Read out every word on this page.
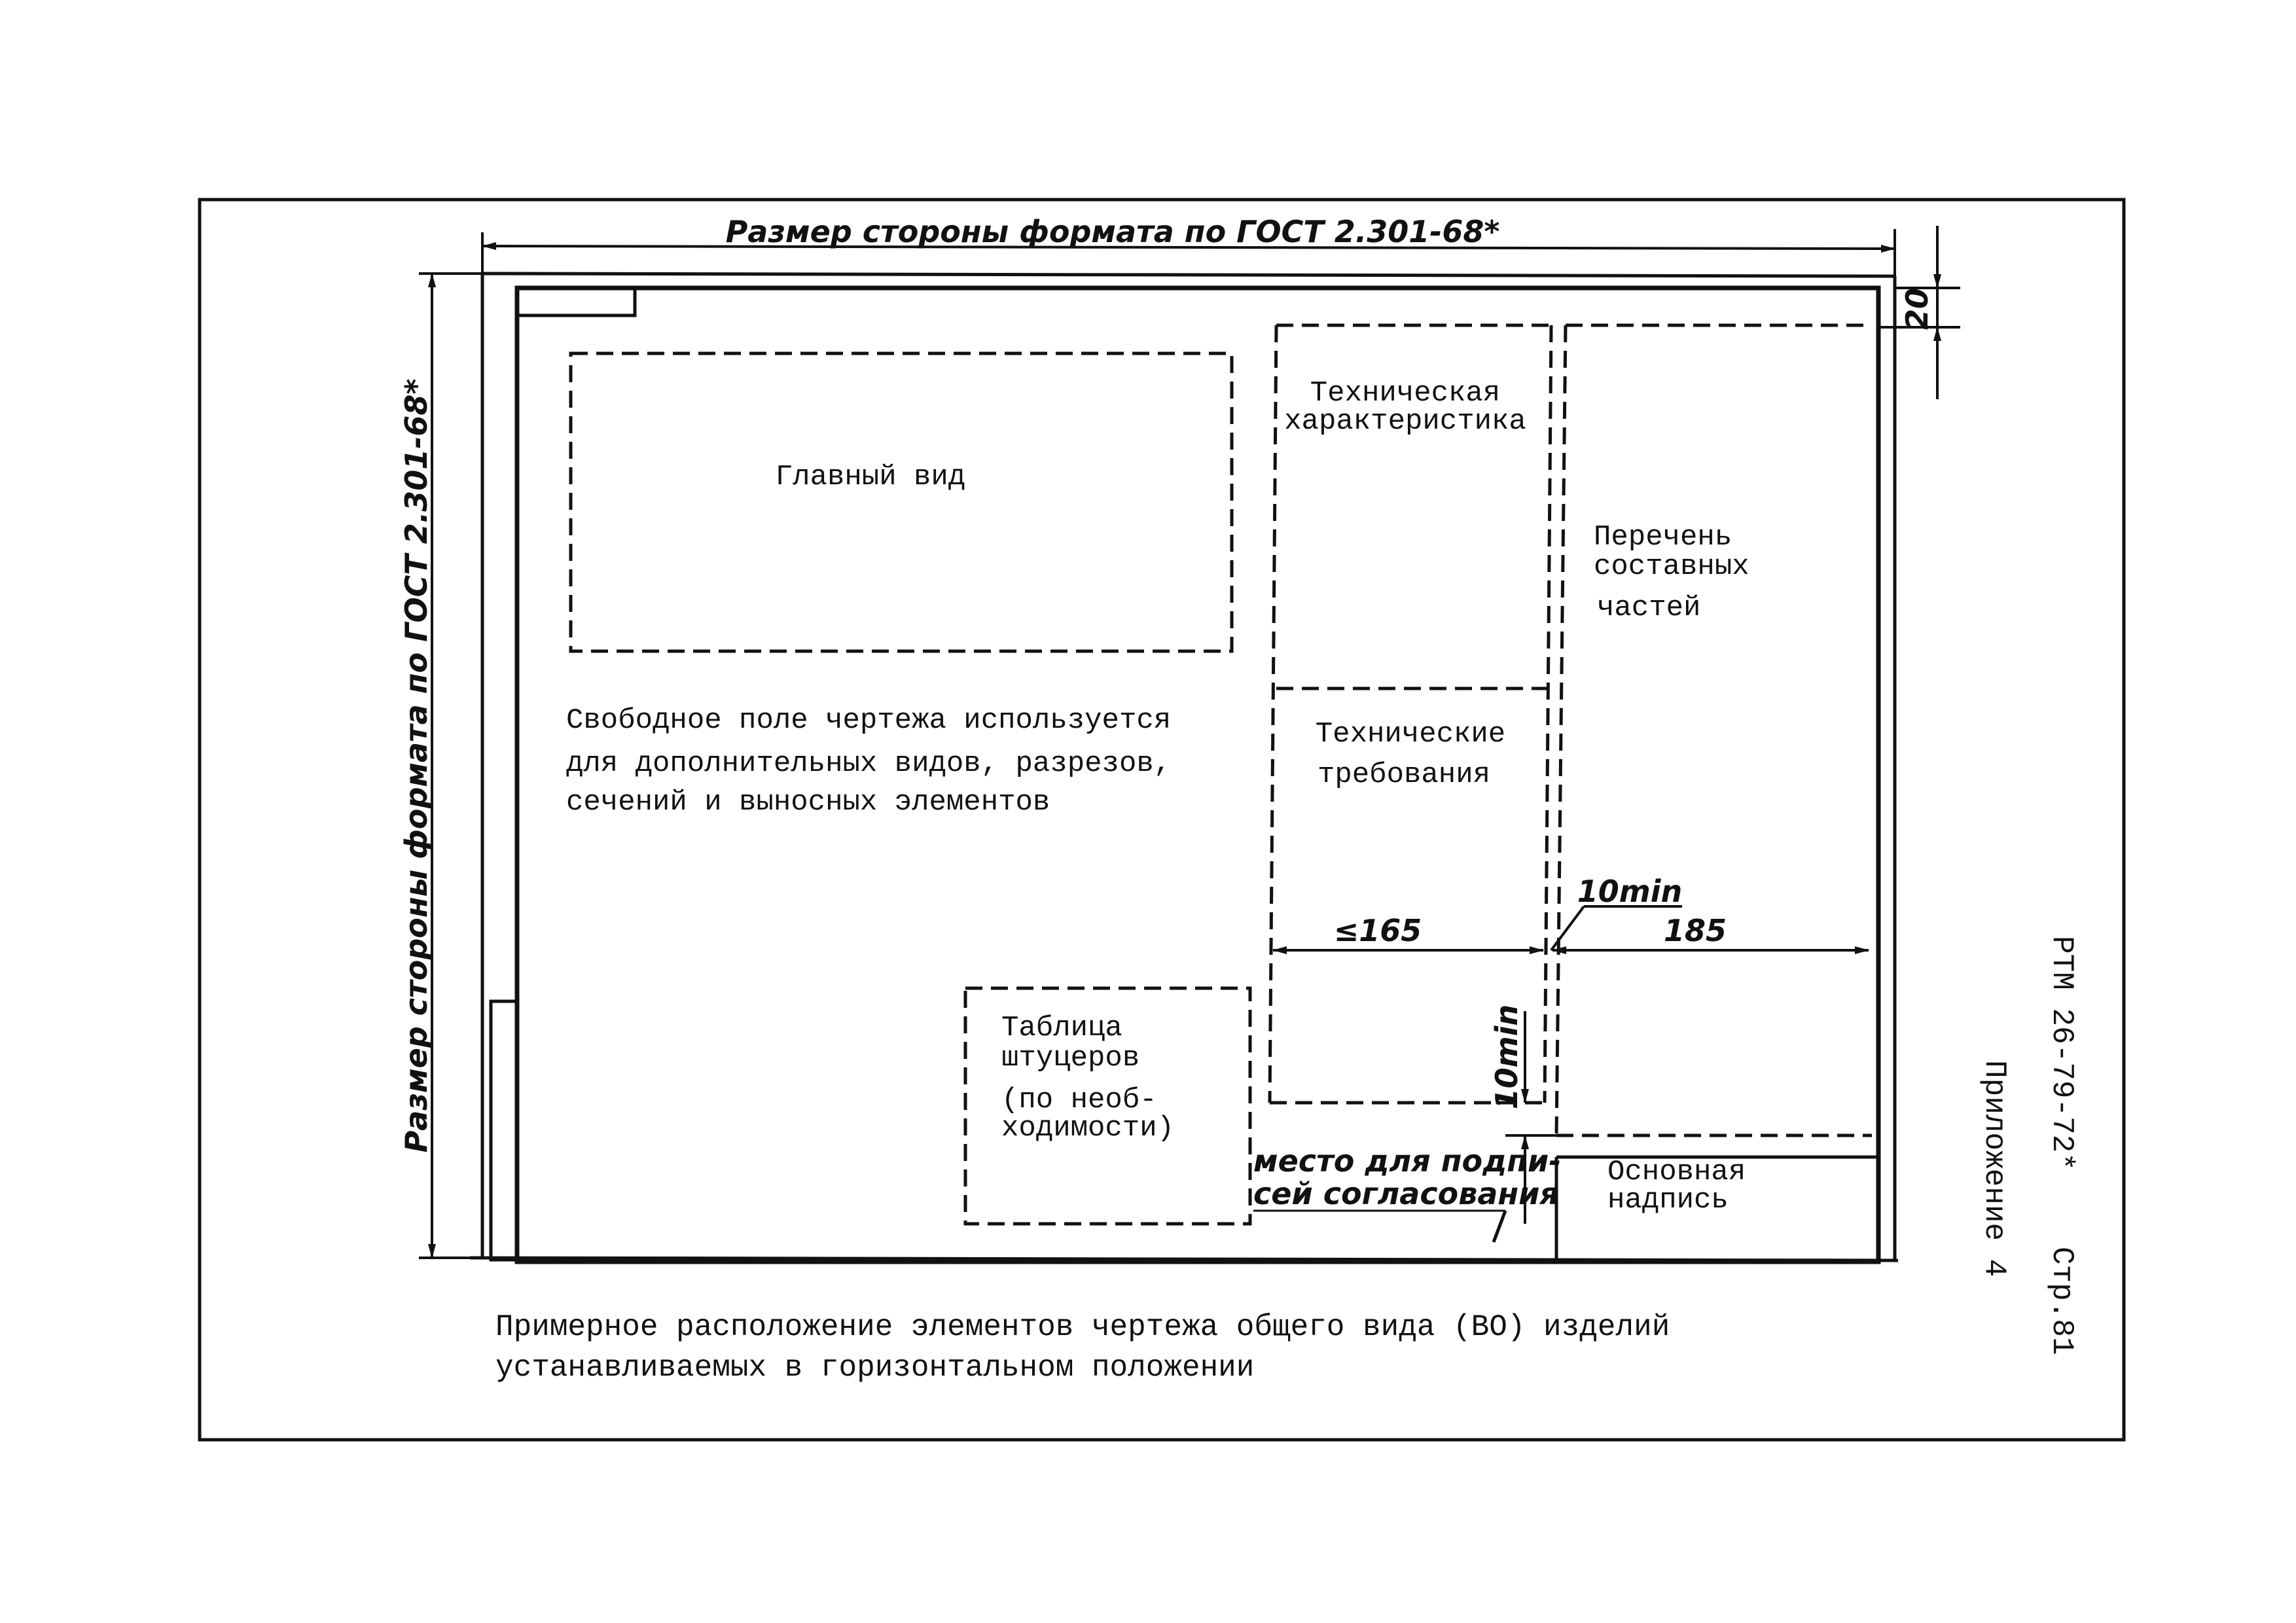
Размер стороны формата по ГОСТ 2.301-68*
Размер стороны формата по ГОСТ 2.301-68*
20
Главный вид
Техническая
характеристика
Технические
требования
Перечень
составных
частей
Основная
надпись
Таблица
штуцеров
(по необ-
ходимости)
Свободное поле чертежа используется
для дополнительных видов, разрезов,
сечений и выносных элементов
≤165	185
10min
10min
место для подпи-
сей согласования
Примерное расположение элементов чертежа общего вида (ВО) изделий
устанавливаемых в горизонтальном положении
РТМ 26-79-72*
Стр.81
Приложение 4
